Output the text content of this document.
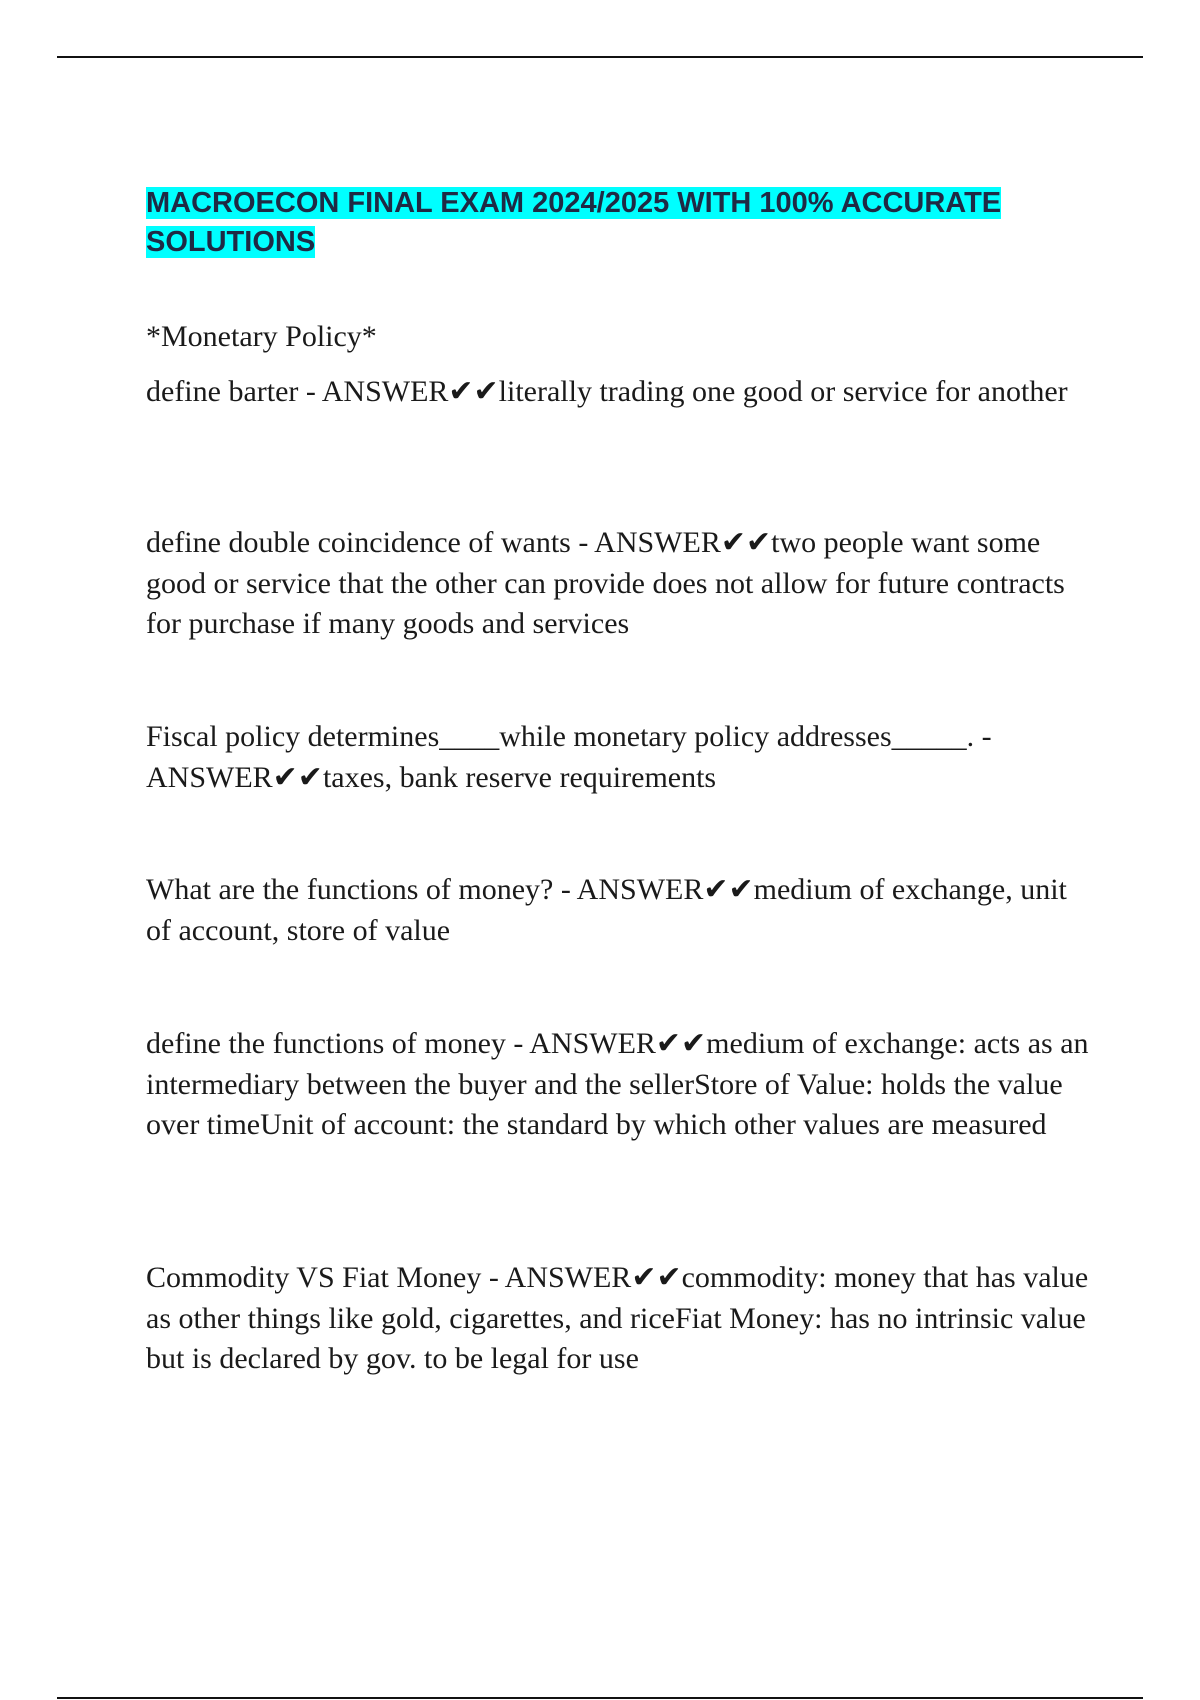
MACROECON FINAL EXAM 2024/2025 WITH 100% ACCURATE SOLUTIONS

*Monetary Policy*

define barter - ANSWER✔✔literally trading one good or service for another

define double coincidence of wants - ANSWER✔✔two people want some good or service that the other can provide does not allow for future contracts for purchase if many goods and services

Fiscal policy determines____while monetary policy addresses_____. - ANSWER✔✔taxes, bank reserve requirements

What are the functions of money? - ANSWER✔✔medium of exchange, unit of account, store of value

define the functions of money - ANSWER✔✔medium of exchange: acts as an intermediary between the buyer and the sellerStore of Value: holds the value over timeUnit of account: the standard by which other values are measured

Commodity VS Fiat Money - ANSWER✔✔commodity: money that has value as other things like gold, cigarettes, and riceFiat Money: has no intrinsic value but is declared by gov. to be legal for use
